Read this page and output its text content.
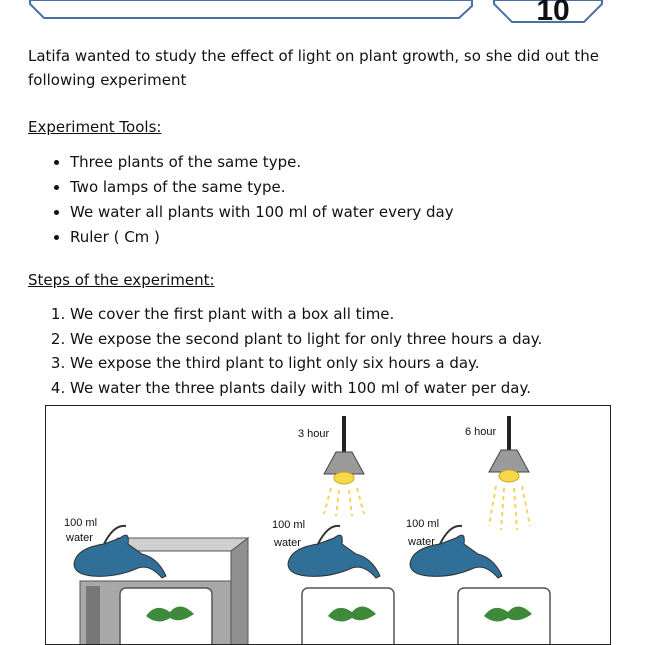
10

Latifa wanted to study the effect of light on plant growth, so she did out the following experiment

Experiment Tools:

• Three plants of the same type.
• Two lamps of the same type.
• We water all plants with 100 ml of water every day
• Ruler ( Cm )

Steps of the experiment:

1. We cover the first plant with a box all time.
2. We expose the second plant to light for only three hours a day.
3. We expose the third plant to light only six hours a day.
4. We water the three plants daily with 100 ml of water per day.
3 hour	6 hour
100 ml
water
100 ml
water
100 ml
water
